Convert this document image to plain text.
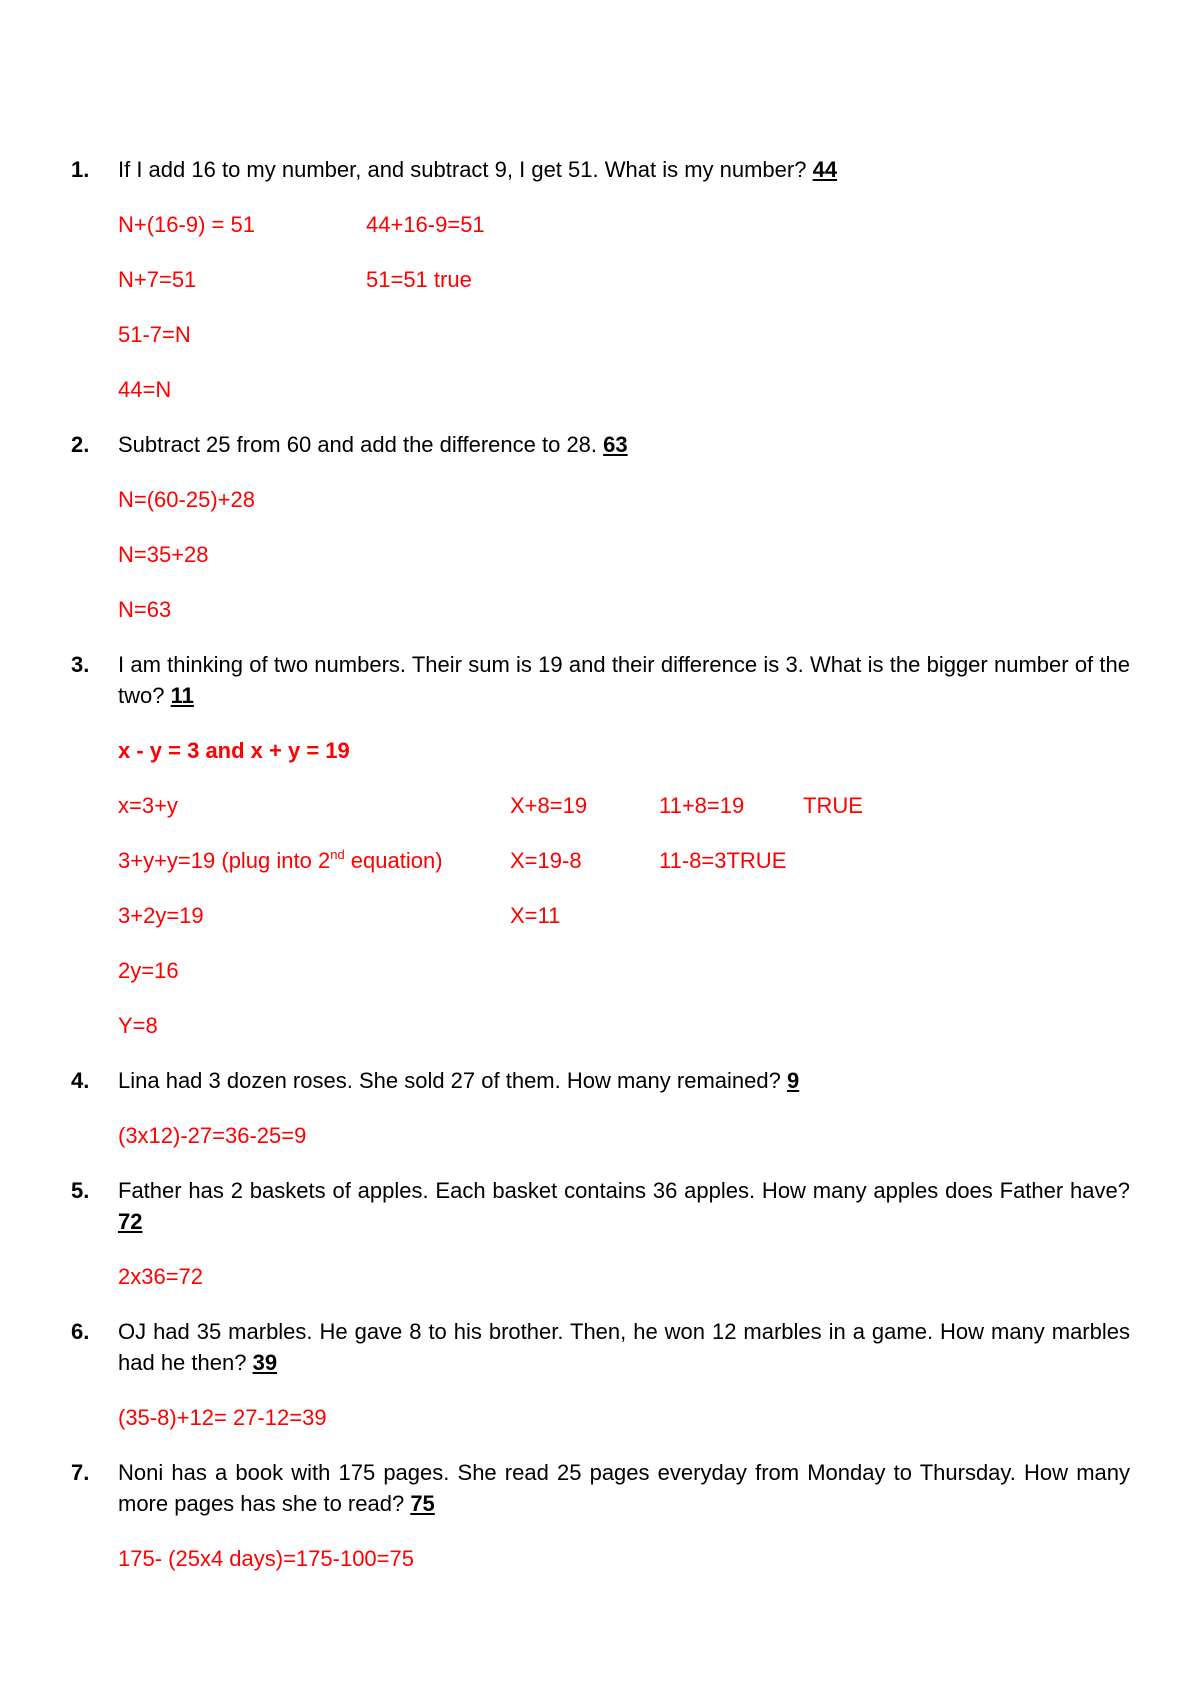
1. If I add 16 to my number, and subtract 9, I get 51. What is my number? 44
N+(16-9) = 51	44+16-9=51
N+7=51	51=51 true
51-7=N
44=N
2. Subtract 25 from 60 and add the difference to 28. 63
N=(60-25)+28
N=35+28
N=63
3. I am thinking of two numbers. Their sum is 19 and their difference is 3. What is the bigger number of the two? 11
x - y = 3 and x + y = 19
x=3+y	X+8=19	11+8=19	TRUE
3+y+y=19 (plug into 2nd equation)	X=19-8	11-8=3TRUE
3+2y=19	X=11
2y=16
Y=8
4. Lina had 3 dozen roses. She sold 27 of them. How many remained? 9
(3x12)-27=36-25=9
5. Father has 2 baskets of apples. Each basket contains 36 apples. How many apples does Father have? 72
2x36=72
6. OJ had 35 marbles. He gave 8 to his brother. Then, he won 12 marbles in a game. How many marbles had he then? 39
(35-8)+12= 27-12=39
7. Noni has a book with 175 pages. She read 25 pages everyday from Monday to Thursday. How many more pages has she to read? 75
175- (25x4 days)=175-100=75
